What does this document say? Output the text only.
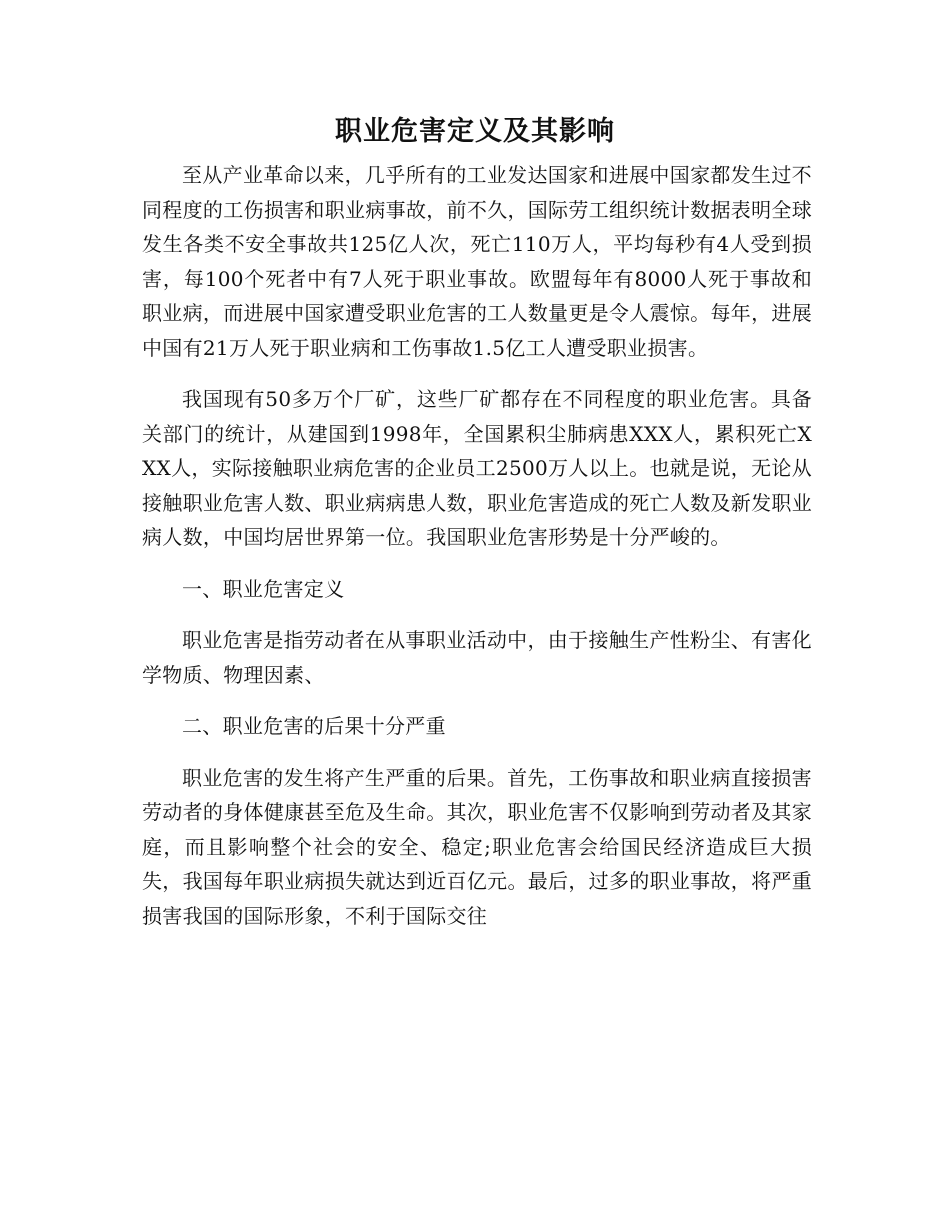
职业危害定义及其影响

至从产业革命以来，几乎所有的工业发达国家和进展中国家都发生过不同程度的工伤损害和职业病事故，前不久，国际劳工组织统计数据表明全球发生各类不安全事故共125亿人次，死亡110万人，平均每秒有4人受到损害，每100个死者中有7人死于职业事故。欧盟每年有8000人死于事故和职业病，而进展中国家遭受职业危害的工人数量更是令人震惊。每年，进展中国有21万人死于职业病和工伤事故1.5亿工人遭受职业损害。

我国现有50多万个厂矿，这些厂矿都存在不同程度的职业危害。具备关部门的统计，从建国到1998年，全国累积尘肺病患XXX人，累积死亡XXX人，实际接触职业病危害的企业员工2500万人以上。也就是说，无论从接触职业危害人数、职业病病患人数，职业危害造成的死亡人数及新发职业病人数，中国均居世界第一位。我国职业危害形势是十分严峻的。

一、职业危害定义

职业危害是指劳动者在从事职业活动中，由于接触生产性粉尘、有害化学物质、物理因素、

二、职业危害的后果十分严重

职业危害的发生将产生严重的后果。首先，工伤事故和职业病直接损害劳动者的身体健康甚至危及生命。其次，职业危害不仅影响到劳动者及其家庭，而且影响整个社会的安全、稳定;职业危害会给国民经济造成巨大损失，我国每年职业病损失就达到近百亿元。最后，过多的职业事故，将严重损害我国的国际形象，不利于国际交往
